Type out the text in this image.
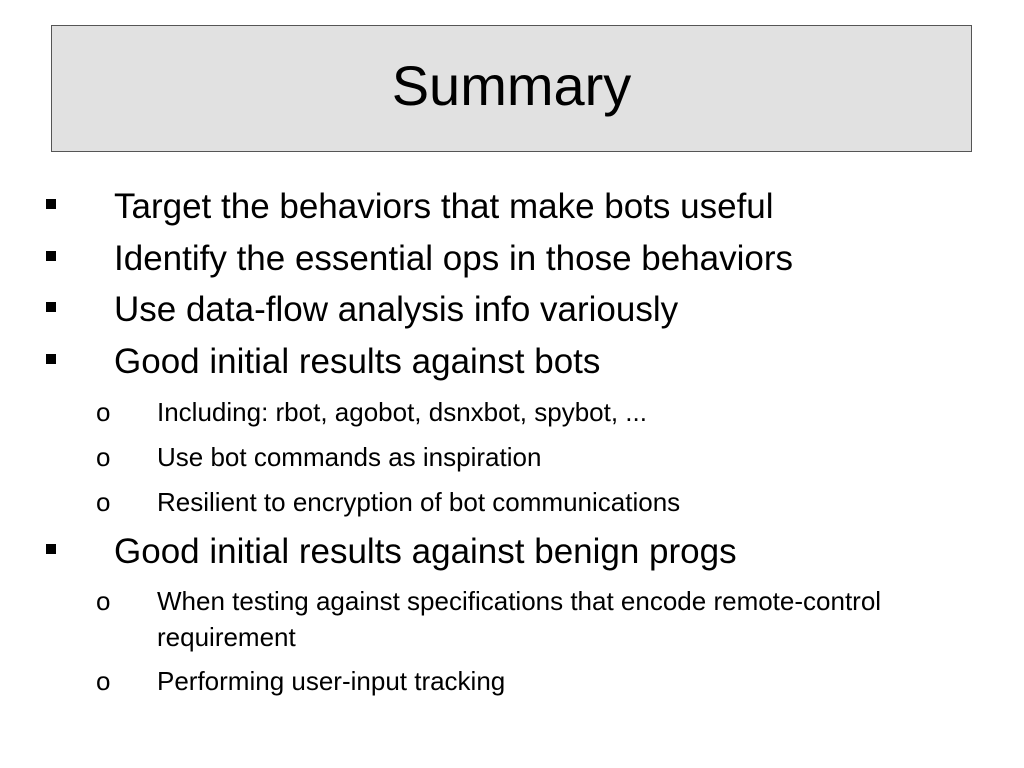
Summary
Target the behaviors that make bots useful
Identify the essential ops in those behaviors
Use data-flow analysis info variously
Good initial results against bots
o Including: rbot, agobot, dsnxbot, spybot, ...
o Use bot commands as inspiration
o Resilient to encryption of bot communications
Good initial results against benign progs
o When testing against specifications that encode remote-control requirement
o Performing user-input tracking
